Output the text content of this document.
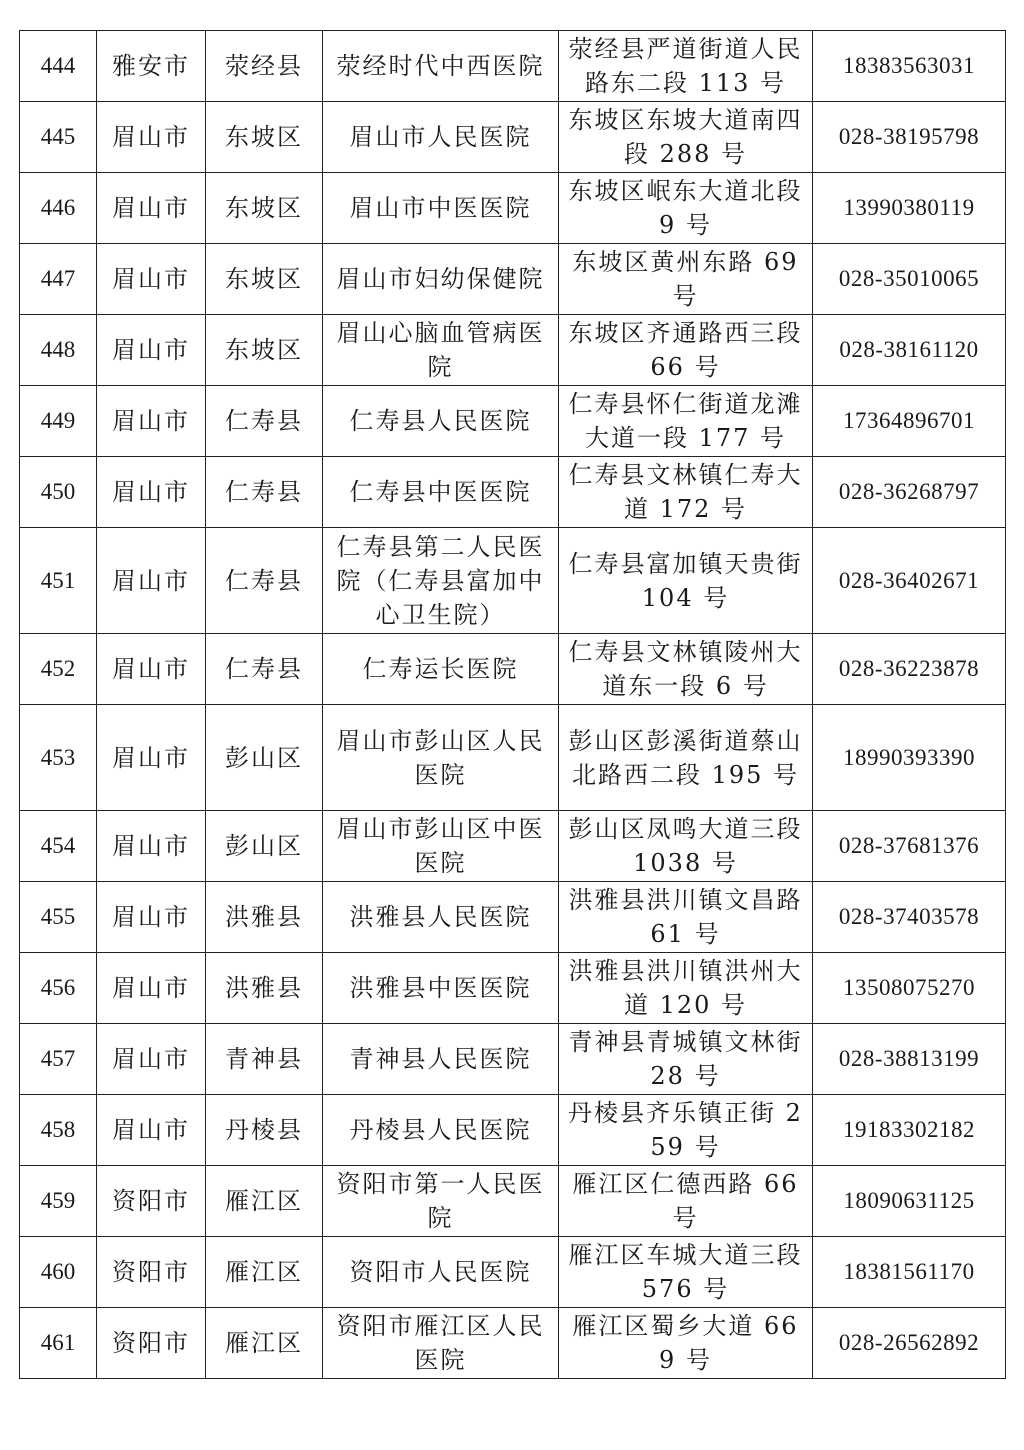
444	雅安市	荥经县	荥经时代中西医院	荥经县严道街道人民路东二段 113 号	18383563031
445	眉山市	东坡区	眉山市人民医院	东坡区东坡大道南四段 288 号	028-38195798
446	眉山市	东坡区	眉山市中医医院	东坡区岷东大道北段 9 号	13990380119
447	眉山市	东坡区	眉山市妇幼保健院	东坡区黄州东路 69 号	028-35010065
448	眉山市	东坡区	眉山心脑血管病医院	东坡区齐通路西三段 66 号	028-38161120
449	眉山市	仁寿县	仁寿县人民医院	仁寿县怀仁街道龙滩大道一段 177 号	17364896701
450	眉山市	仁寿县	仁寿县中医医院	仁寿县文林镇仁寿大道 172 号	028-36268797
451	眉山市	仁寿县	仁寿县第二人民医院（仁寿县富加中心卫生院）	仁寿县富加镇天贵街 104 号	028-36402671
452	眉山市	仁寿县	仁寿运长医院	仁寿县文林镇陵州大道东一段 6 号	028-36223878
453	眉山市	彭山区	眉山市彭山区人民医院	彭山区彭溪街道蔡山北路西二段 195 号	18990393390
454	眉山市	彭山区	眉山市彭山区中医医院	彭山区凤鸣大道三段 1038 号	028-37681376
455	眉山市	洪雅县	洪雅县人民医院	洪雅县洪川镇文昌路 61 号	028-37403578
456	眉山市	洪雅县	洪雅县中医医院	洪雅县洪川镇洪州大道 120 号	13508075270
457	眉山市	青神县	青神县人民医院	青神县青城镇文林街 28 号	028-38813199
458	眉山市	丹棱县	丹棱县人民医院	丹棱县齐乐镇正街 259 号	19183302182
459	资阳市	雁江区	资阳市第一人民医院	雁江区仁德西路 66 号	18090631125
460	资阳市	雁江区	资阳市人民医院	雁江区车城大道三段 576 号	18381561170
461	资阳市	雁江区	资阳市雁江区人民医院	雁江区蜀乡大道 669 号	028-26562892
